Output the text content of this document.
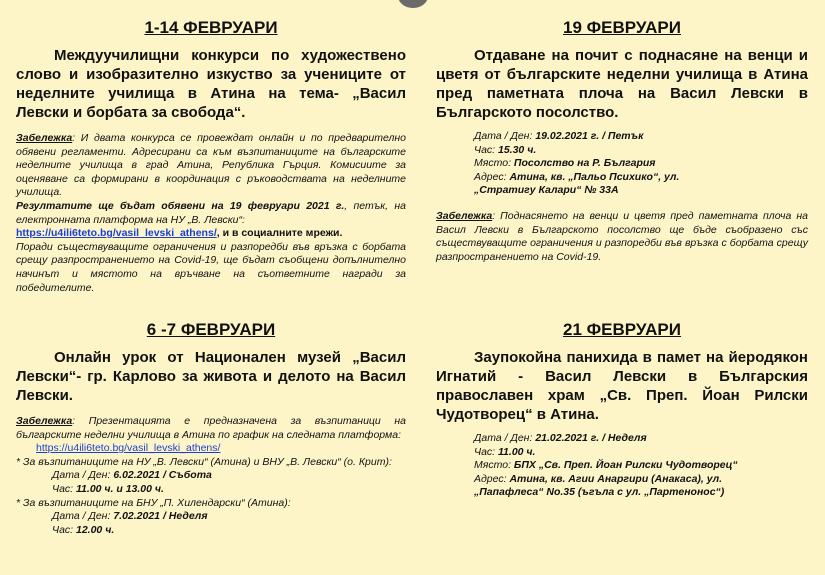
1-14 ФЕВРУАРИ

Междуучилищни конкурси по художествено слово и изобразително изкуство за учениците от неделните училища в Атина на тема- „Васил Левски и борбата за свобода“.

Забележка: И двата конкурса се провеждат онлайн и по предварително обявени регламенти. Адресирани са към възпитаниците на българските неделните училища в град Атина, Република Гърция. Комисиите за оценяване са формирани в координация с ръководствата на неделните училища.
Резултатите ще бъдат обявени на 19 февруари 2021 г., петък, на електронната платформа на НУ „В. Левски“:
https://u4ili6teto.bg/vasil_levski_athens/, и в социалните мрежи.
Поради съществуващите ограничения и разпоредби във връзка с борбата срещу разпространението на Covid-19, ще бъдат съобщени допълнително начинът и мястото на връчване на съответните награди за победителите.

6 -7 ФЕВРУАРИ

Онлайн урок от Национален музей „Васил Левски“- гр. Карлово за живота и делото на Васил Левски.

Забележка: Презентацията е предназначена за възпитаници на българските неделни училища в Атина по график на следната платформа:
https://u4ili6teto.bg/vasil_levski_athens/
* За възпитаниците на НУ „В. Левски“ (Атина) и ВНУ „В. Левски“ (о. Крит):
Дата / Ден: 6.02.2021 / Събота
Час: 11.00 ч. и 13.00 ч.
* За възпитаниците на БНУ „П. Хилендарски“ (Атина):
Дата / Ден: 7.02.2021 / Неделя
Час: 12.00 ч.

19 ФЕВРУАРИ

Отдаване на почит с поднасяне на венци и цветя от българските неделни училища в Атина пред паметната плоча на Васил Левски в Българското посолство.

Дата / Ден: 19.02.2021 г. / Петък
Час: 15.30 ч.
Място: Посолство на Р. България
Адрес: Атина, кв. „Пальо Психико“, ул. „Стратигу Калари“ № 33А
Забележка: Поднасянето на венци и цветя пред паметната плоча на Васил Левски в Българското посолство ще бъде съобразено със съществуващите ограничения и разпоредби във връзка с борбата срещу разпространението на Covid-19.

21 ФЕВРУАРИ

Заупокойна панихида в памет на йеродякон Игнатий - Васил Левски в Българския православен храм „Св. Преп. Йоан Рилски Чудотворец“ в Атина.

Дата / Ден: 21.02.2021 г. / Неделя
Час: 11.00 ч.
Място: БПХ „Св. Преп. Йоан Рилски Чудотворец“
Адрес: Атина, кв. Агии Анаргири (Анакаса), ул. „Папафлеса“ No.35 (ъгъла с ул. „Партенонос“)
